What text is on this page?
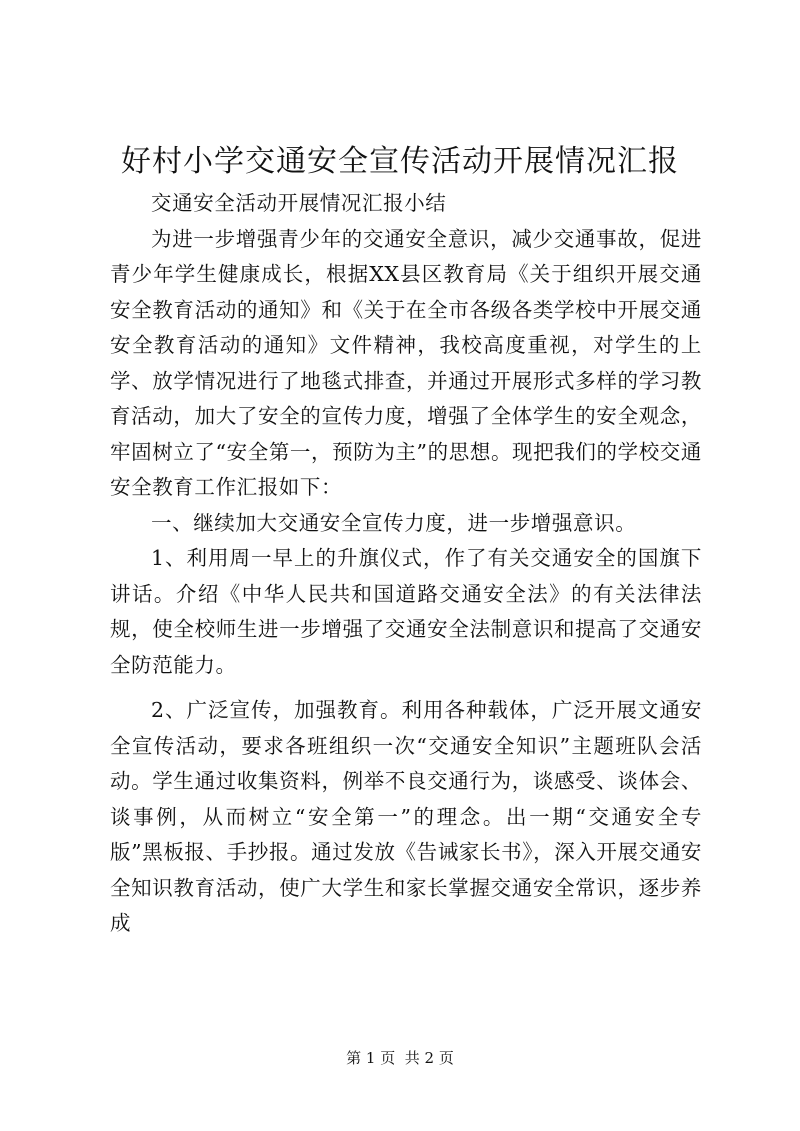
好村小学交通安全宣传活动开展情况汇报

交通安全活动开展情况汇报小结

为进一步增强青少年的交通安全意识，减少交通事故，促进青少年学生健康成长，根据XX县区教育局《关于组织开展交通安全教育活动的通知》和《关于在全市各级各类学校中开展交通安全教育活动的通知》文件精神，我校高度重视，对学生的上学、放学情况进行了地毯式排查，并通过开展形式多样的学习教育活动，加大了安全的宣传力度，增强了全体学生的安全观念，牢固树立了“安全第一，预防为主”的思想。现把我们的学校交通安全教育工作汇报如下：

一、继续加大交通安全宣传力度，进一步增强意识。

1、利用周一早上的升旗仪式，作了有关交通安全的国旗下讲话。介绍《中华人民共和国道路交通安全法》的有关法律法规，使全校师生进一步增强了交通安全法制意识和提高了交通安全防范能力。

2、广泛宣传，加强教育。利用各种载体，广泛开展文通安全宣传活动，要求各班组织一次“交通安全知识”主题班队会活动。学生通过收集资料，例举不良交通行为，谈感受、谈体会、谈事例，从而树立“安全第一”的理念。出一期“交通安全专版”黑板报、手抄报。通过发放《告诫家长书》，深入开展交通安全知识教育活动，使广大学生和家长掌握交通安全常识，逐步养成

第 1 页 共 2 页
